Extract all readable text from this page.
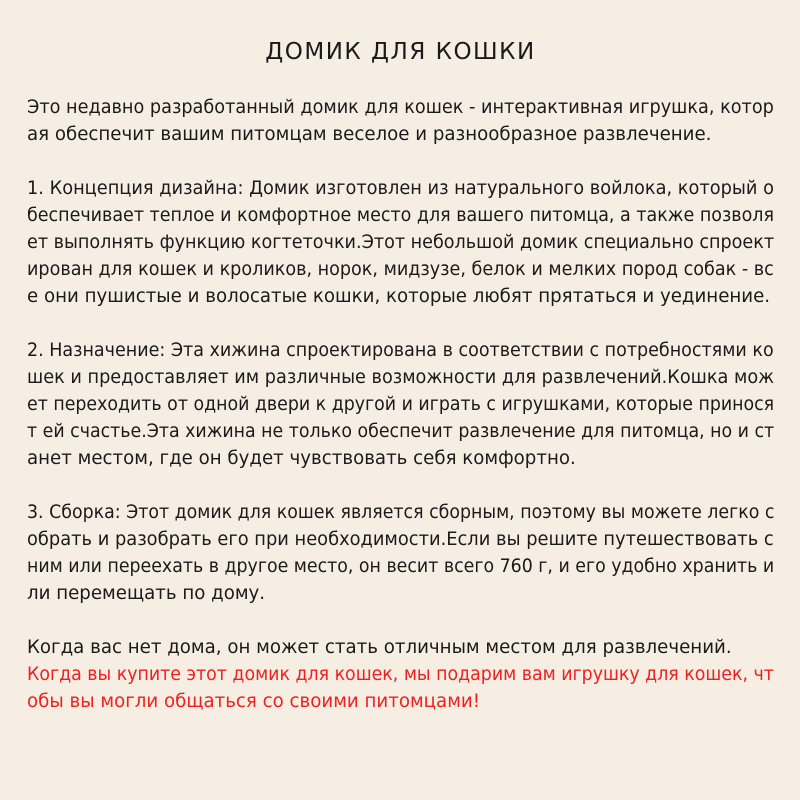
ДОМИК ДЛЯ КОШКИ
Это недавно разработанный домик для кошек - интерактивная игрушка, котор
ая обеспечит вашим питомцам веселое и разнообразное развлечение.
1. Концепция дизайна: Домик изготовлен из натурального войлока, который о
беспечивает теплое и комфортное место для вашего питомца, а также позволя
ет выполнять функцию когтеточки.Этот небольшой домик специально спроект
ирован для кошек и кроликов, норок, мидзузе, белок и мелких пород собак - вс
е они пушистые и волосатые кошки, которые любят прятаться и уединение.
2. Назначение: Эта хижина спроектирована в соответствии с потребностями ко
шек и предоставляет им различные возможности для развлечений.Кошка мож
ет переходить от одной двери к другой и играть с игрушками, которые принося
т ей счастье.Эта хижина не только обеспечит развлечение для питомца, но и ст
анет местом, где он будет чувствовать себя комфортно.
3. Сборка: Этот домик для кошек является сборным, поэтому вы можете легко с
обрать и разобрать его при необходимости.Если вы решите путешествовать с
ним или переехать в другое место, он весит всего 760 г, и его удобно хранить и
ли перемещать по дому.
Когда вас нет дома, он может стать отличным местом для развлечений.
Когда вы купите этот домик для кошек, мы подарим вам игрушку для кошек, чт
обы вы могли общаться со своими питомцами!
